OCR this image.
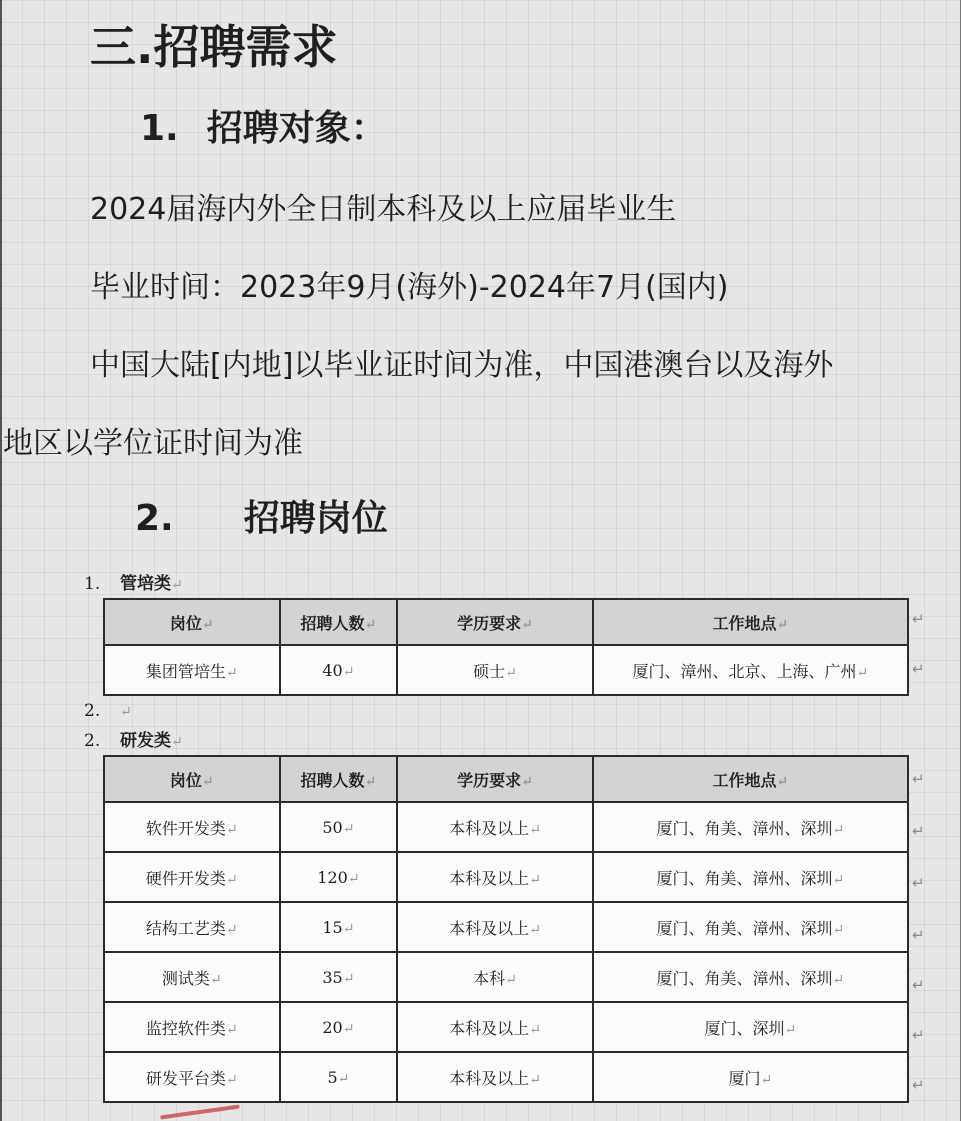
三.招聘需求
1. 招聘对象：
2024届海内外全日制本科及以上应届毕业生
毕业时间：2023年9月(海外)-2024年7月(国内)
中国大陆[内地]以毕业证时间为准，中国港澳台以及海外
地区以学位证时间为准
2. 招聘岗位
1. 管培类↵
岗位↵	招聘人数↵	学历要求↵	工作地点↵
集团管培生↵	40↵	硕士↵	厦门、漳州、北京、上海、广州↵
↵
↵
2. ↵
2. 研发类↵
岗位↵	招聘人数↵	学历要求↵	工作地点↵
软件开发类↵	50↵	本科及以上↵	厦门、角美、漳州、深圳↵
硬件开发类↵	120↵	本科及以上↵	厦门、角美、漳州、深圳↵
结构工艺类↵	15↵	本科及以上↵	厦门、角美、漳州、深圳↵
测试类↵	35↵	本科↵	厦门、角美、漳州、深圳↵
监控软件类↵	20↵	本科及以上↵	厦门、深圳↵
研发平台类↵	5↵	本科及以上↵	厦门↵
↵
↵
↵
↵
↵
↵
↵
